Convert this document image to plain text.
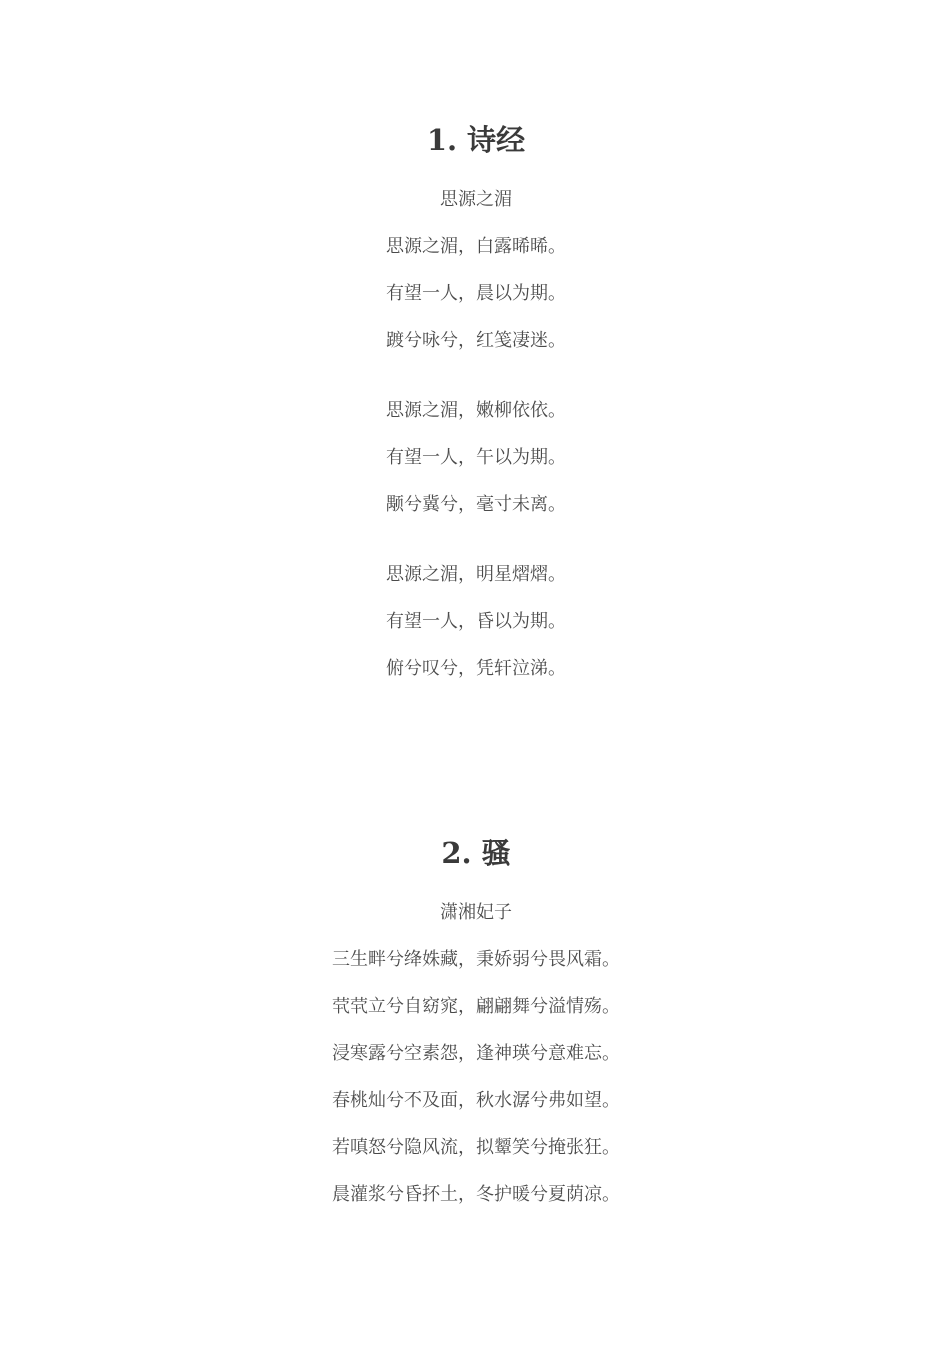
1. 诗经
思源之湄
思源之湄，白露晞晞。
有望一人，晨以为期。
踱兮咏兮，红笺凄迷。
思源之湄，嫩柳依依。
有望一人，午以为期。
颙兮冀兮，毫寸未离。
思源之湄，明星熠熠。
有望一人，昏以为期。
俯兮叹兮，凭轩泣涕。
2. 骚
潇湘妃子
三生畔兮绛姝藏，秉娇弱兮畏风霜。
茕茕立兮自窈窕，翩翩舞兮溢情殇。
浸寒露兮空素怨，逢神瑛兮意难忘。
春桃灿兮不及面，秋水潺兮弗如望。
若嗔怒兮隐风流，拟颦笑兮掩张狂。
晨灌浆兮昏抔土，冬护暖兮夏荫凉。
